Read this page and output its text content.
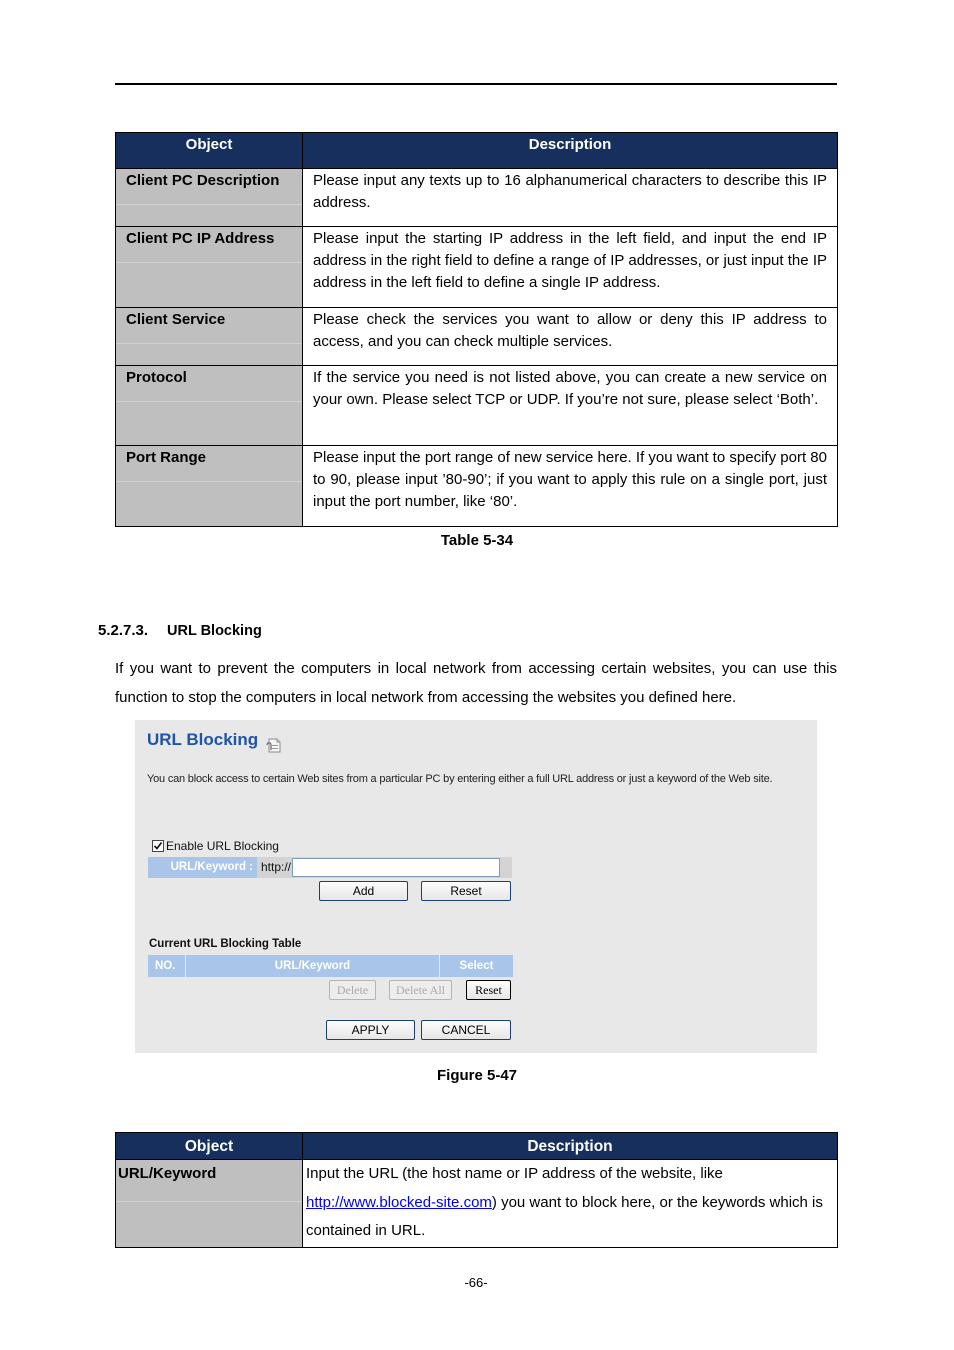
Object	Description
Client PC Description	Please input any texts up to 16 alphanumerical characters to describe this IP address.
Client PC IP Address	Please input the starting IP address in the left field, and input the end IP address in the right field to define a range of IP addresses, or just input the IP address in the left field to define a single IP address.
Client Service	Please check the services you want to allow or deny this IP address to access, and you can check multiple services.
Protocol	If the service you need is not listed above, you can create a new service on your own. Please select TCP or UDP. If you’re not sure, please select ‘Both’.
Port Range	Please input the port range of new service here. If you want to specify port 80 to 90, please input ’80-90’; if you want to apply this rule on a single port, just input the port number, like ‘80’.
Table 5-34
5.2.7.3. URL Blocking

If you want to prevent the computers in local network from accessing certain websites, you can use this function to stop the computers in local network from accessing the websites you defined here.

URL Blocking

You can block access to certain Web sites from a particular PC by entering either a full URL address or just a keyword of the Web site.

Enable URL Blocking
URL/Keyword : http://
Add	Reset
Current URL Blocking Table
NO.	URL/Keyword	Select
Delete	Delete All	Reset
APPLY	CANCEL
Figure 5-47
Object	Description
URL/Keyword	Input the URL (the host name or IP address of the website, like http://www.blocked-site.com) you want to block here, or the keywords which is contained in URL.
-66-
